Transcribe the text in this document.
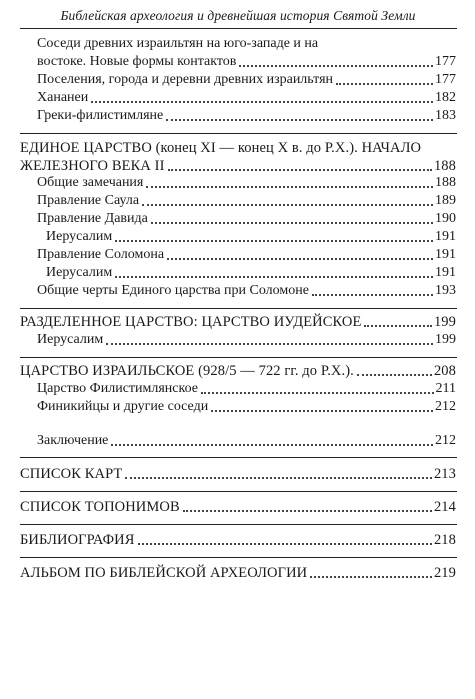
Библейская археология и древнейшая история Святой Земли
Соседи древних израильтян на юго-западе и на
востоке. Новые формы контактов	177
Поселения, города и деревни древних израильтян	177
Хананеи	182
Греки-филистимляне	183
ЕДИНОЕ ЦАРСТВО (конец XI — конец X в. до Р.Х.). НАЧАЛО
ЖЕЛЕЗНОГО ВЕКА II	188
Общие замечания	188
Правление Саула	189
Правление Давида	190
Иерусалим	191
Правление Соломона	191
Иерусалим	191
Общие черты Единого царства при Соломоне	193
РАЗДЕЛЕННОЕ ЦАРСТВО: ЦАРСТВО ИУДЕЙСКОЕ	199
Иерусалим	199
ЦАРСТВО ИЗРАИЛЬСКОЕ (928/5 — 722 гг. до Р.Х.).	208
Царство Филистимлянское	211
Финикийцы и другие соседи	212
Заключение	212
СПИСОК КАРТ	213
СПИСОК ТОПОНИМОВ	214
БИБЛИОГРАФИЯ	218
АЛЬБОМ ПО БИБЛЕЙСКОЙ АРХЕОЛОГИИ	219
